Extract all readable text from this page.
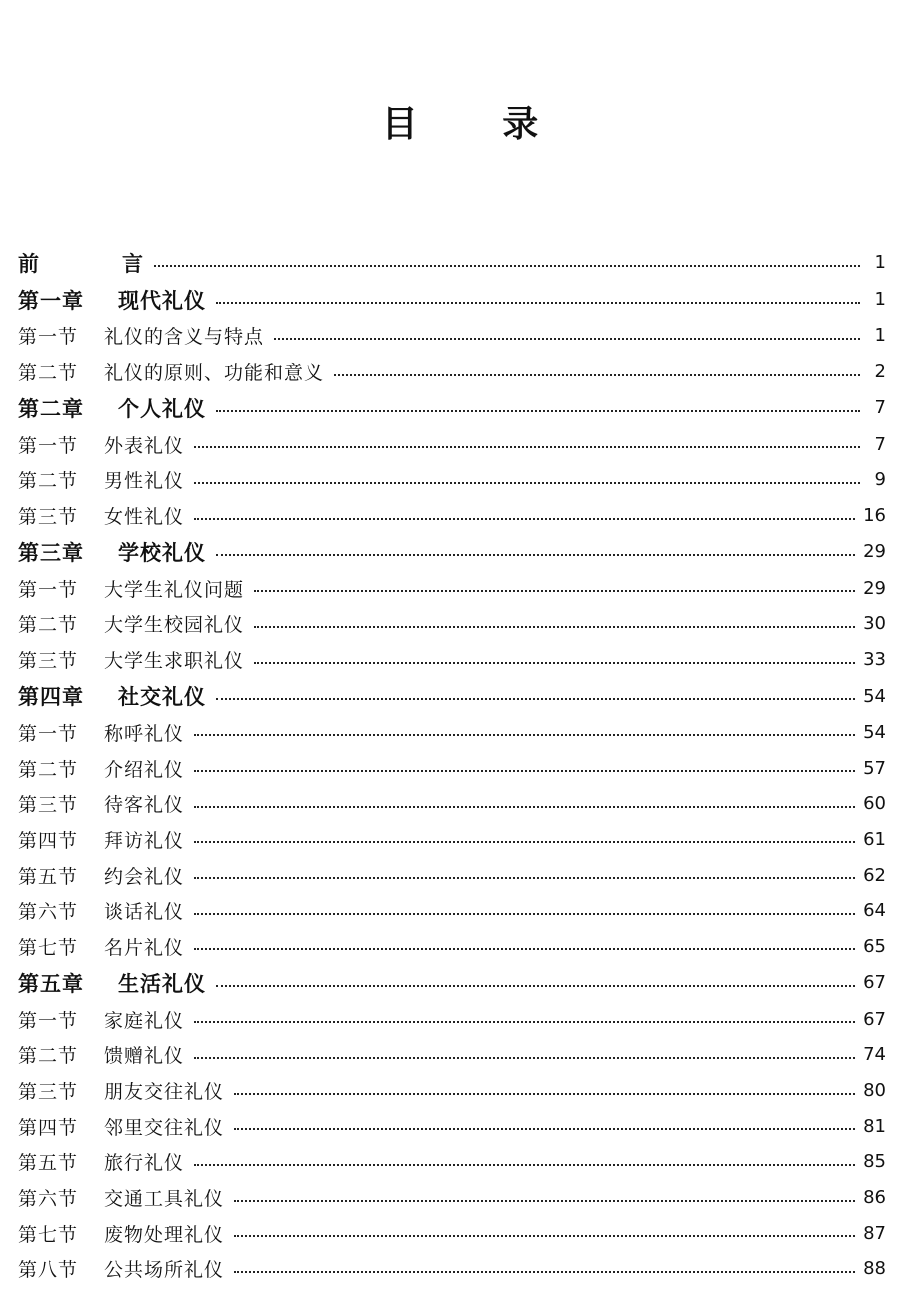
目 录
前	言	1
第一章 现代礼仪	1
第一节 礼仪的含义与特点	1
第二节 礼仪的原则、功能和意义	2
第二章 个人礼仪	7
第一节 外表礼仪	7
第二节 男性礼仪	9
第三节 女性礼仪	16
第三章 学校礼仪	29
第一节 大学生礼仪问题	29
第二节 大学生校园礼仪	30
第三节 大学生求职礼仪	33
第四章 社交礼仪	54
第一节 称呼礼仪	54
第二节 介绍礼仪	57
第三节 待客礼仪	60
第四节 拜访礼仪	61
第五节 约会礼仪	62
第六节 谈话礼仪	64
第七节 名片礼仪	65
第五章 生活礼仪	67
第一节 家庭礼仪	67
第二节 馈赠礼仪	74
第三节 朋友交往礼仪	80
第四节 邻里交往礼仪	81
第五节 旅行礼仪	85
第六节 交通工具礼仪	86
第七节 废物处理礼仪	87
第八节 公共场所礼仪	88
